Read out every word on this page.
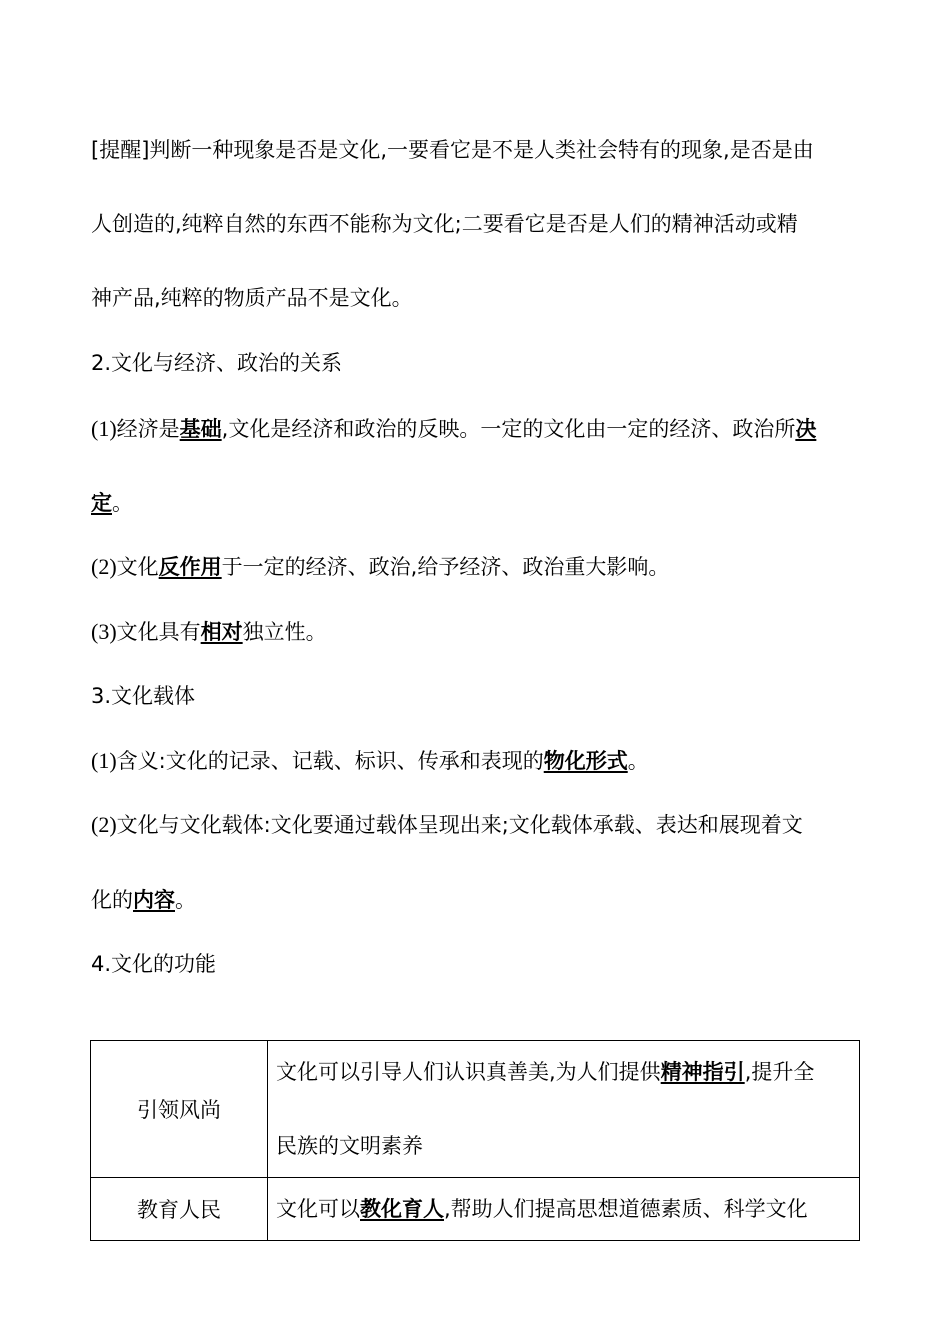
[提醒]判断一种现象是否是文化,一要看它是不是人类社会特有的现象,是否是由
人创造的,纯粹自然的东西不能称为文化;二要看它是否是人们的精神活动或精
神产品,纯粹的物质产品不是文化。
2.文化与经济、政治的关系
(1)经济是基础,文化是经济和政治的反映。一定的文化由一定的经济、政治所决
定。
(2)文化反作用于一定的经济、政治,给予经济、政治重大影响。
(3)文化具有相对独立性。
3.文化载体
(1)含义:文化的记录、记载、标识、传承和表现的物化形式。
(2)文化与文化载体:文化要通过载体呈现出来;文化载体承载、表达和展现着文
化的内容。
4.文化的功能
引领风尚	文化可以引导人们认识真善美,为人们提供精神指引,提升全
民族的文明素养

教育人民	文化可以教化育人,帮助人们提高思想道德素质、科学文化
